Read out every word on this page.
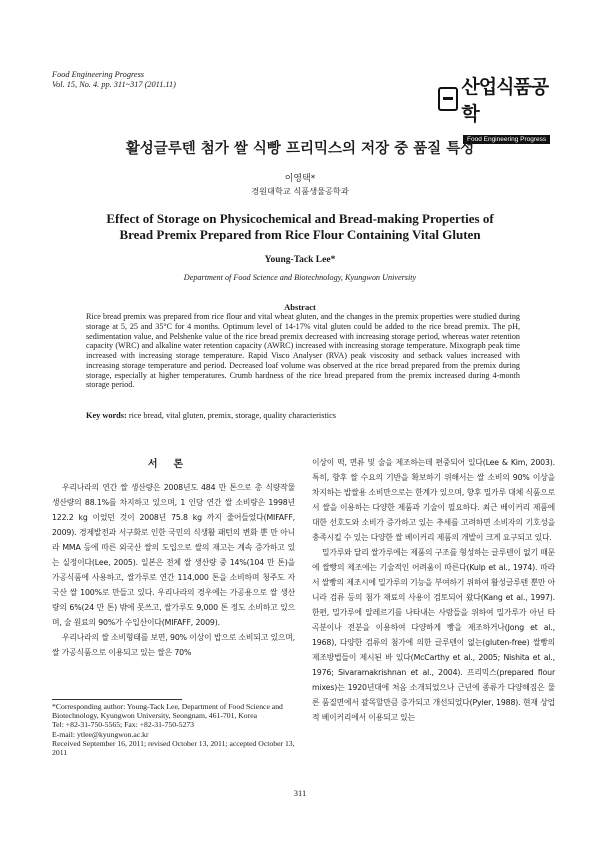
Food Engineering Progress
Vol. 15, No. 4. pp. 311~317 (2011.11)	산업식품공학
Food Engineering Progress
활성글루텐 첨가 쌀 식빵 프리믹스의 저장 중 품질 특성
이영택*
경원대학교 식품생물공학과
Effect of Storage on Physicochemical and Bread-making Properties of
Bread Premix Prepared from Rice Flour Containing Vital Gluten
Young-Tack Lee*
Department of Food Science and Biotechnology, Kyungwon University
Abstract
Rice bread premix was prepared from rice flour and vital wheat gluten, and the changes in the premix properties were studied during storage at 5, 25 and 35°C for 4 months. Optimum level of 14-17% vital gluten could be added to the rice bread premix. The pH, sedimentation value, and Pelshenke value of the rice bread premix decreased with increasing storage period, whereas water retention capacity (WRC) and alkaline water retention capacity (AWRC) increased with increasing storage temperature. Mixograph peak time increased with increasing storage temperature. Rapid Visco Analyser (RVA) peak viscosity and setback values increased with increasing storage temperature and period. Decreased loaf volume was observed at the rice bread prepared from the premix during storage, especially at higher temperatures. Crumb hardness of the rice bread prepared from the premix increased during 4-month storage period.
Key words: rice bread, vital gluten, premix, storage, quality characteristics
서론

우리나라의 연간 쌀 생산량은 2008년도 484 만 톤으로 총 식량작물 생산량의 88.1%를 차지하고 있으며, 1 인당 연간 쌀 소비량은 1998년 122.2 kg 이었던 것이 2008년 75.8 kg 까지 줄어들었다(MIFAFF, 2009). 경제발전과 서구화로 인한 국민의 식생활 패턴의 변화 뿐 만 아니라 MMA 등에 따른 외국산 쌀의 도입으로 쌀의 재고는 계속 증가하고 있는 실정이다(Lee, 2005). 일본은 전체 쌀 생산량 중 14%(104 만 톤)을 가공식품에 사용하고, 쌀가루로 연간 114,000 톤을 소비하며 청주도 자국산 쌀 100%로 만들고 있다. 우리나라의 경우에는 가공용으로 쌀 생산량의 6%(24 만 톤) 밖에 못쓰고, 쌀가루도 9,000 톤 정도 소비하고 있으며, 술 원료의 90%가 수입산이다(MIFAFF, 2009).

우리나라의 쌀 소비형태를 보면, 90% 이상이 밥으로 소비되고 있으며, 쌀 가공식품으로 이용되고 있는 쌀은 70%

이상이 떡, 면류 및 술을 제조하는데 편중되어 있다(Lee & Kim, 2003). 특히, 향후 쌀 수요의 기반을 확보하기 위해서는 쌀 소비의 90% 이상을 차지하는 밥쌀용 소비만으로는 한계가 있으며, 향후 밀가루 대체 식품으로서 쌀을 이용하는 다양한 제품과 기술이 필요하다. 최근 베이커리 제품에 대한 선호도와 소비가 증가하고 있는 추세를 고려하면 소비자의 기호성을 충족시킬 수 있는 다양한 쌀 베이커리 제품의 개발이 크게 요구되고 있다.

밀가루와 달리 쌀가루에는 제품의 구조를 형성하는 글루텐이 없기 때문에 쌀빵의 제조에는 기술적인 어려움이 따른다(Kulp et al., 1974). 따라서 쌀빵의 제조시에 밀가루의 기능을 부여하기 위하여 활성글루텐 뿐만 아니라 검류 등의 첨가 재료의 사용이 검토되어 왔다(Kang et al., 1997). 한편, 밀가루에 알레르기를 나타내는 사람들을 위하여 밀가루가 아닌 타 곡분이나 전분을 이용하여 다양하게 빵을 제조하거나(Jong et al., 1968), 다양한 검류의 첨가에 의한 글루텐이 없는(gluten-free) 쌀빵의 제조방법들이 제시된 바 있다(McCarthy et al., 2005; Nishita et al., 1976; Sivaramakrishnan et al., 2004). 프리믹스(prepared flour mixes)는 1920년대에 처음 소개되었으나 근년에 종류가 다양해짐은 물론 품질면에서 괄목할만큼 증가되고 개선되었다(Pyler, 1988). 현재 상업적 베이커리에서 이용되고 있는

*Corresponding author: Young-Tack Lee, Department of Food Science and Biotechnology, Kyungwon University, Seongnam, 461-701, Korea
Tel: +82-31-750-5565; Fax: +82-31-750-5273
E-mail: ytlee@kyungwon.ac.kr
Received September 16, 2011; revised October 13, 2011; accepted October 13, 2011
311
